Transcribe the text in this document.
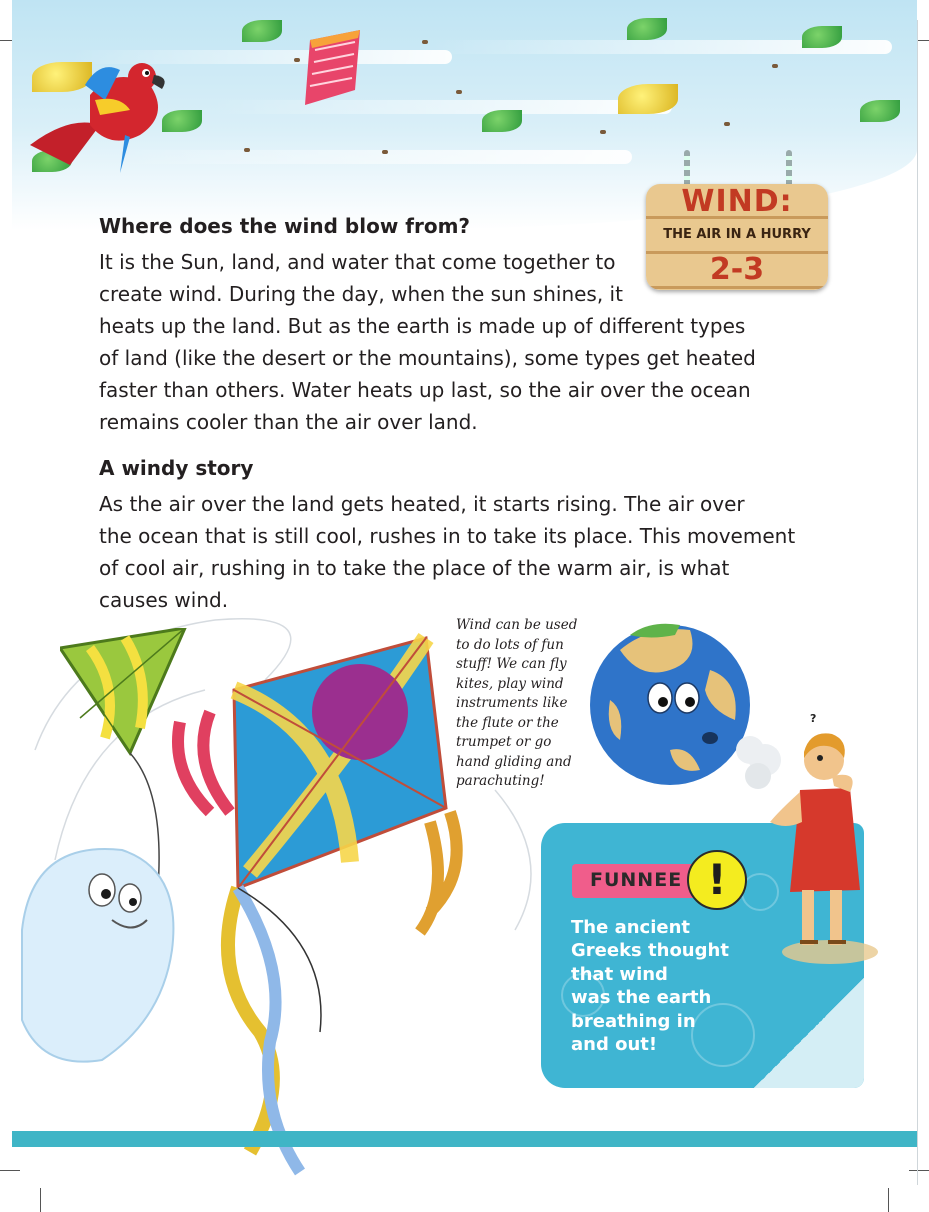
WIND:
THE AIR IN A HURRY
2-3
Where does the wind blow from?

It is the Sun, land, and water that come together to

create wind. During the day, when the sun shines, it

heats up the land. But as the earth is made up of different types

of land (like the desert or the mountains), some types get heated

faster than others. Water heats up last, so the air over the ocean

remains cooler than the air over land.

A windy story

As the air over the land gets heated, it starts rising. The air over

the ocean that is still cool, rushes in to take its place. This movement

of cool air, rushing in to take the place of the warm air, is what

causes wind.

Wind can be used to do lots of fun stuff! We can fly kites, play wind instruments like the flute or the trumpet or go hand gliding and parachuting!
FUNNEE !
The ancient
Greeks thought
that wind
was the earth
breathing in
and out!
?
